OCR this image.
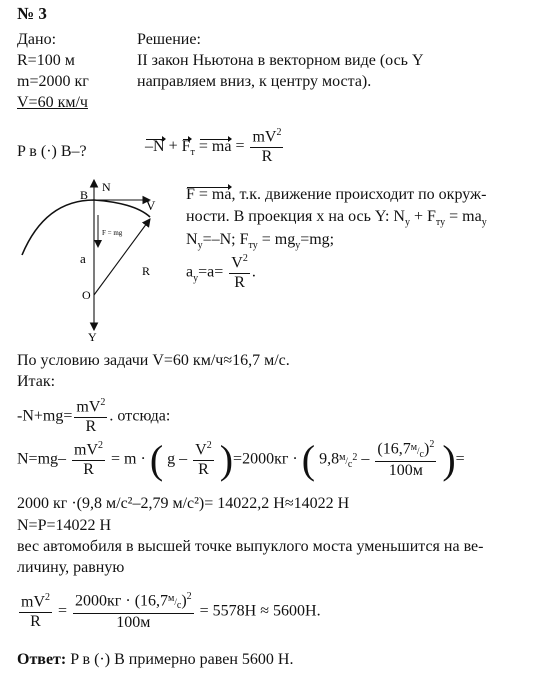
№ 3
Дано:
R=100 м
m=2000 кг
V=60 км/ч
P в (·) В–?
Решение:
II закон Ньютона в векторном виде (ось Y
направляем вниз, к центру моста).
$-N + F_т$ = ma = $\frac{mV^2}{R}$
F = ma, т.к. движение происходит по окруж-
ности. В проекция х на ось Y: $N_y + F_{ту} = ma_y$
$N_y=-N$; $F_{ту} = mg_y=mg$;
$a_y=a= \frac{V^2}{R}$ .
B
N
V
F = mg
a
R
O
Y
По условию задачи V=60 км/ч≈16,7 м/с.
Итак:
$-N+mg= \frac{mV^2}{R}$ . отсюда:
$N=mg- \frac{mV^2}{R} = m$ · ( $g - \frac{V^2}{R} )=2000кг$ · ( $9,8^м/_с^2 - \frac{(16,7^м/_с)^2}{100м}$ )=
2000 кг ·(9,8 м/с²–2,79 м/с²)= 14022,2 Н≈14022 Н
N=P=14022 Н
вес автомобиля в высшей точке выпуклого моста уменьшится на ве-
личину, равную
$\frac{mV^2}{R} = \frac{2000кг \cdot (16,7^м/_с)^2}{100м} = 5578Н \approx 5600Н$.
Ответ: P в (·) В примерно равен 5600 Н.
